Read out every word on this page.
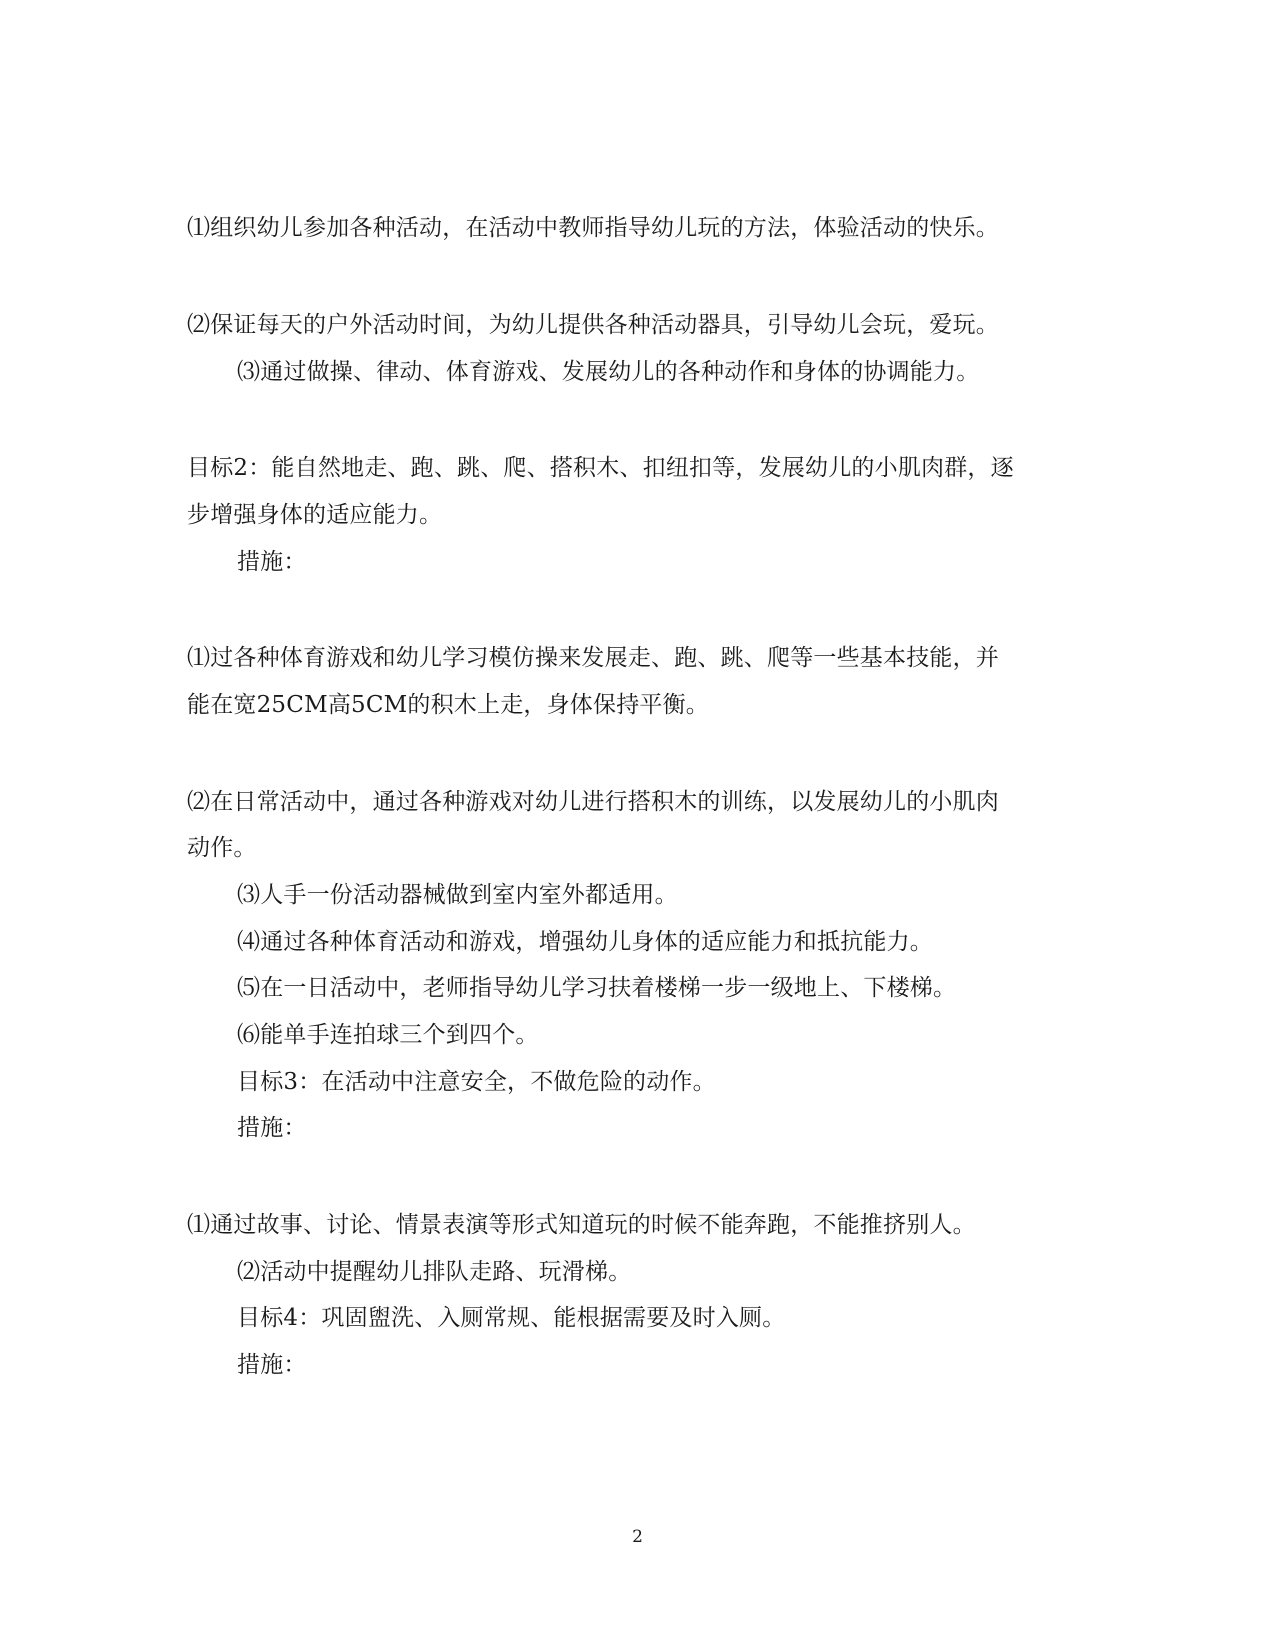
⑴组织幼儿参加各种活动，在活动中教师指导幼儿玩的方法，体验活动的快乐。

⑵保证每天的户外活动时间，为幼儿提供各种活动器具，引导幼儿会玩，爱玩。

⑶通过做操、律动、体育游戏、发展幼儿的各种动作和身体的协调能力。

目标2：能自然地走、跑、跳、爬、搭积木、扣纽扣等，发展幼儿的小肌肉群，逐

步增强身体的适应能力。

措施：

⑴过各种体育游戏和幼儿学习模仿操来发展走、跑、跳、爬等一些基本技能，并

能在宽25CM高5CM的积木上走，身体保持平衡。

⑵在日常活动中，通过各种游戏对幼儿进行搭积木的训练，以发展幼儿的小肌肉

动作。

⑶人手一份活动器械做到室内室外都适用。

⑷通过各种体育活动和游戏，增强幼儿身体的适应能力和抵抗能力。

⑸在一日活动中，老师指导幼儿学习扶着楼梯一步一级地上、下楼梯。

⑹能单手连拍球三个到四个。

目标3：在活动中注意安全，不做危险的动作。

措施：

⑴通过故事、讨论、情景表演等形式知道玩的时候不能奔跑，不能推挤别人。

⑵活动中提醒幼儿排队走路、玩滑梯。

目标4：巩固盥洗、入厕常规、能根据需要及时入厕。

措施：

2
